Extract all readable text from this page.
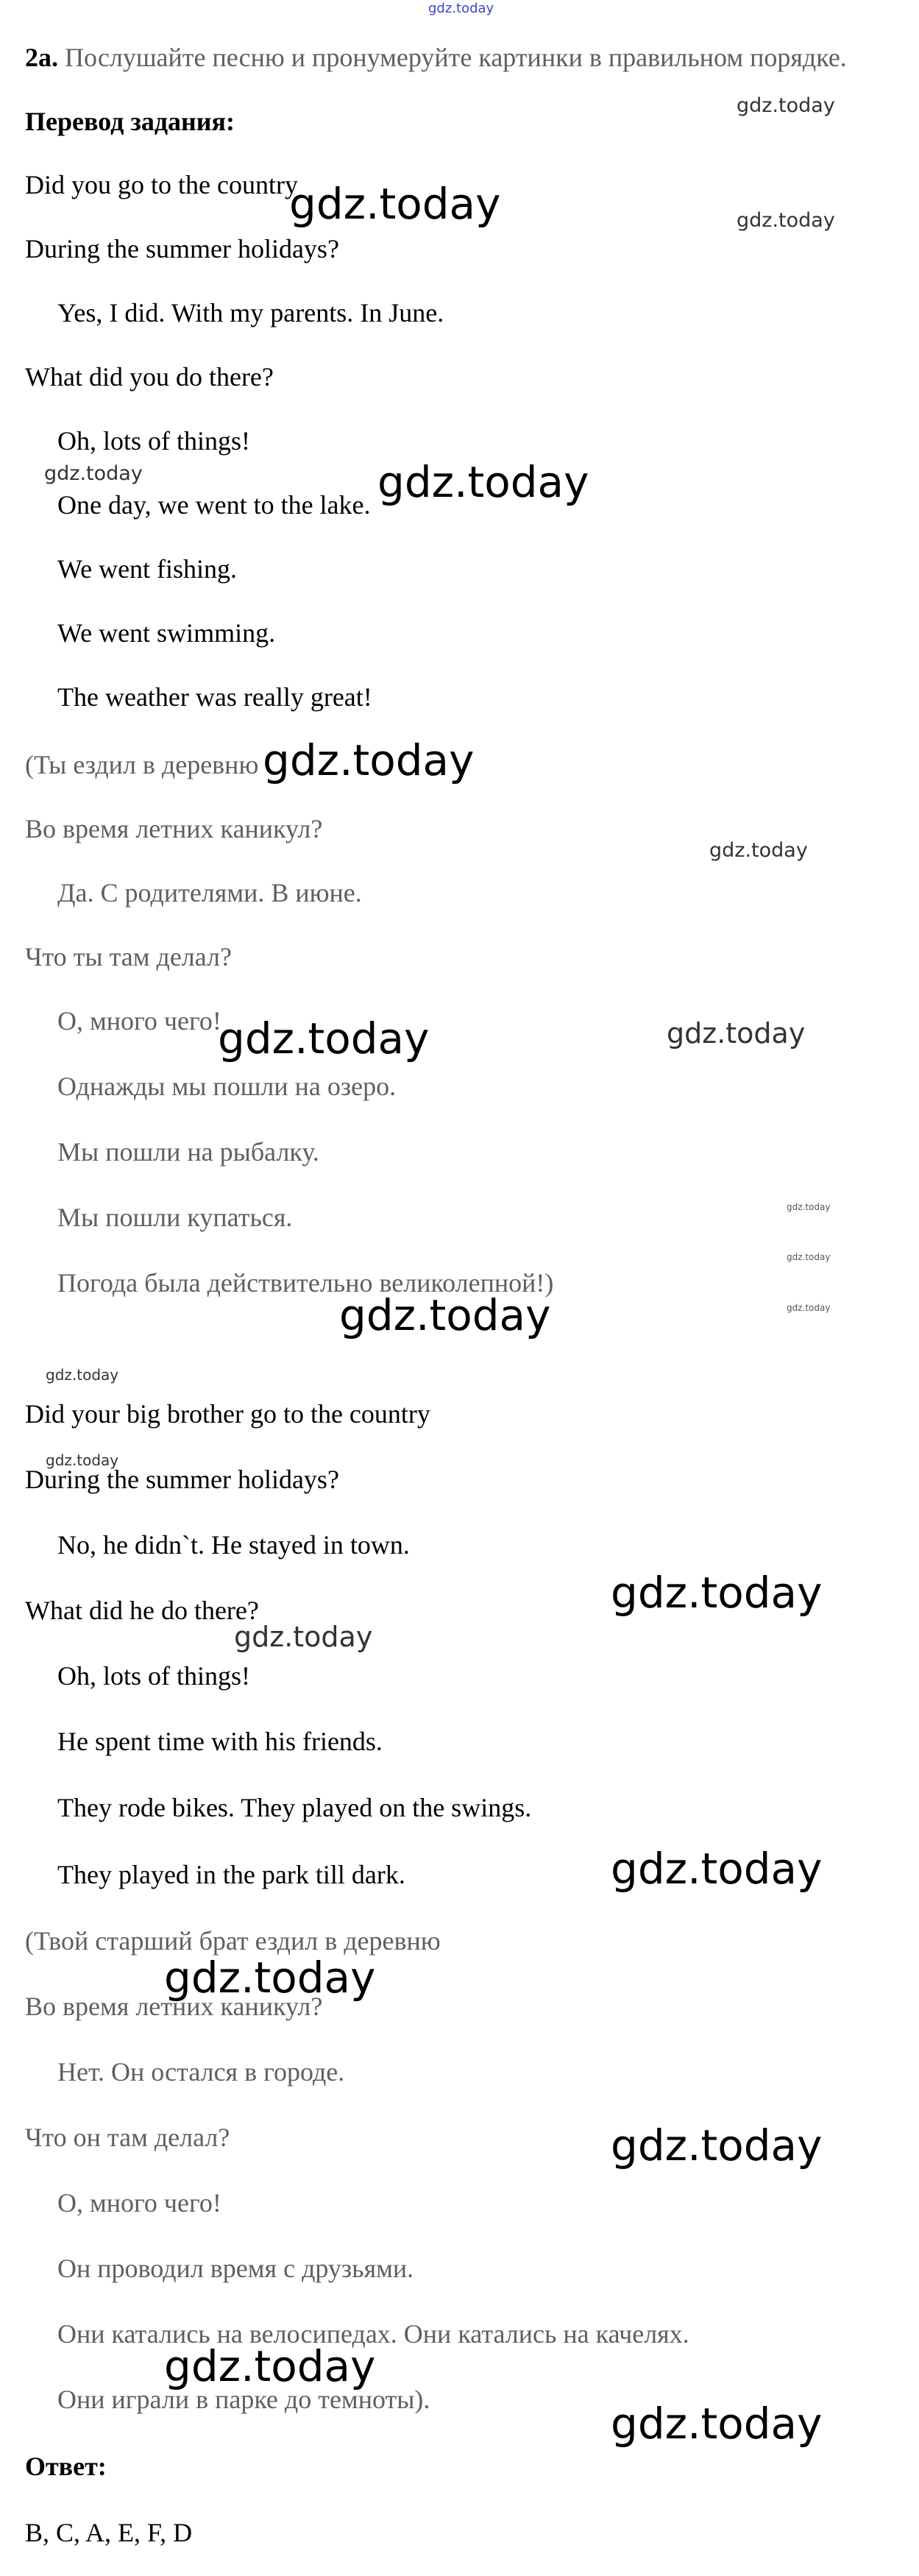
gdz.today
2a. Послушайте песню и пронумеруйте картинки в правильном порядке.
Перевод задания:
Did you go to the country
During the summer holidays?
Yes, I did. With my parents. In June.
What did you do there?
Oh, lots of things!
One day, we went to the lake.
We went fishing.
We went swimming.
The weather was really great!
(Ты ездил в деревню
Во время летних каникул?
Да. С родителями. В июне.
Что ты там делал?
О, много чего!
Однажды мы пошли на озеро.
Мы пошли на рыбалку.
Мы пошли купаться.
Погода была действительно великолепной!)
Did your big brother go to the country
During the summer holidays?
No, he didn`t. He stayed in town.
What did he do there?
Oh, lots of things!
He spent time with his friends.
They rode bikes. They played on the swings.
They played in the park till dark.
(Твой старший брат ездил в деревню
Во время летних каникул?
Нет. Он остался в городе.
Что он там делал?
О, много чего!
Он проводил время с друзьями.
Они катались на велосипедах. Они катались на качелях.
Они играли в парке до темноты).
Ответ:
B, C, A, E, F, D
gdz.today
gdz.today	gdz.today
gdz.today	gdz.today
gdz.today
gdz.today
gdz.today	gdz.today
gdz.today
gdz.today
gdz.today	gdz.today
gdz.today
gdz.today
gdz.today
gdz.today
gdz.today
gdz.today
gdz.today
gdz.today
gdz.today
